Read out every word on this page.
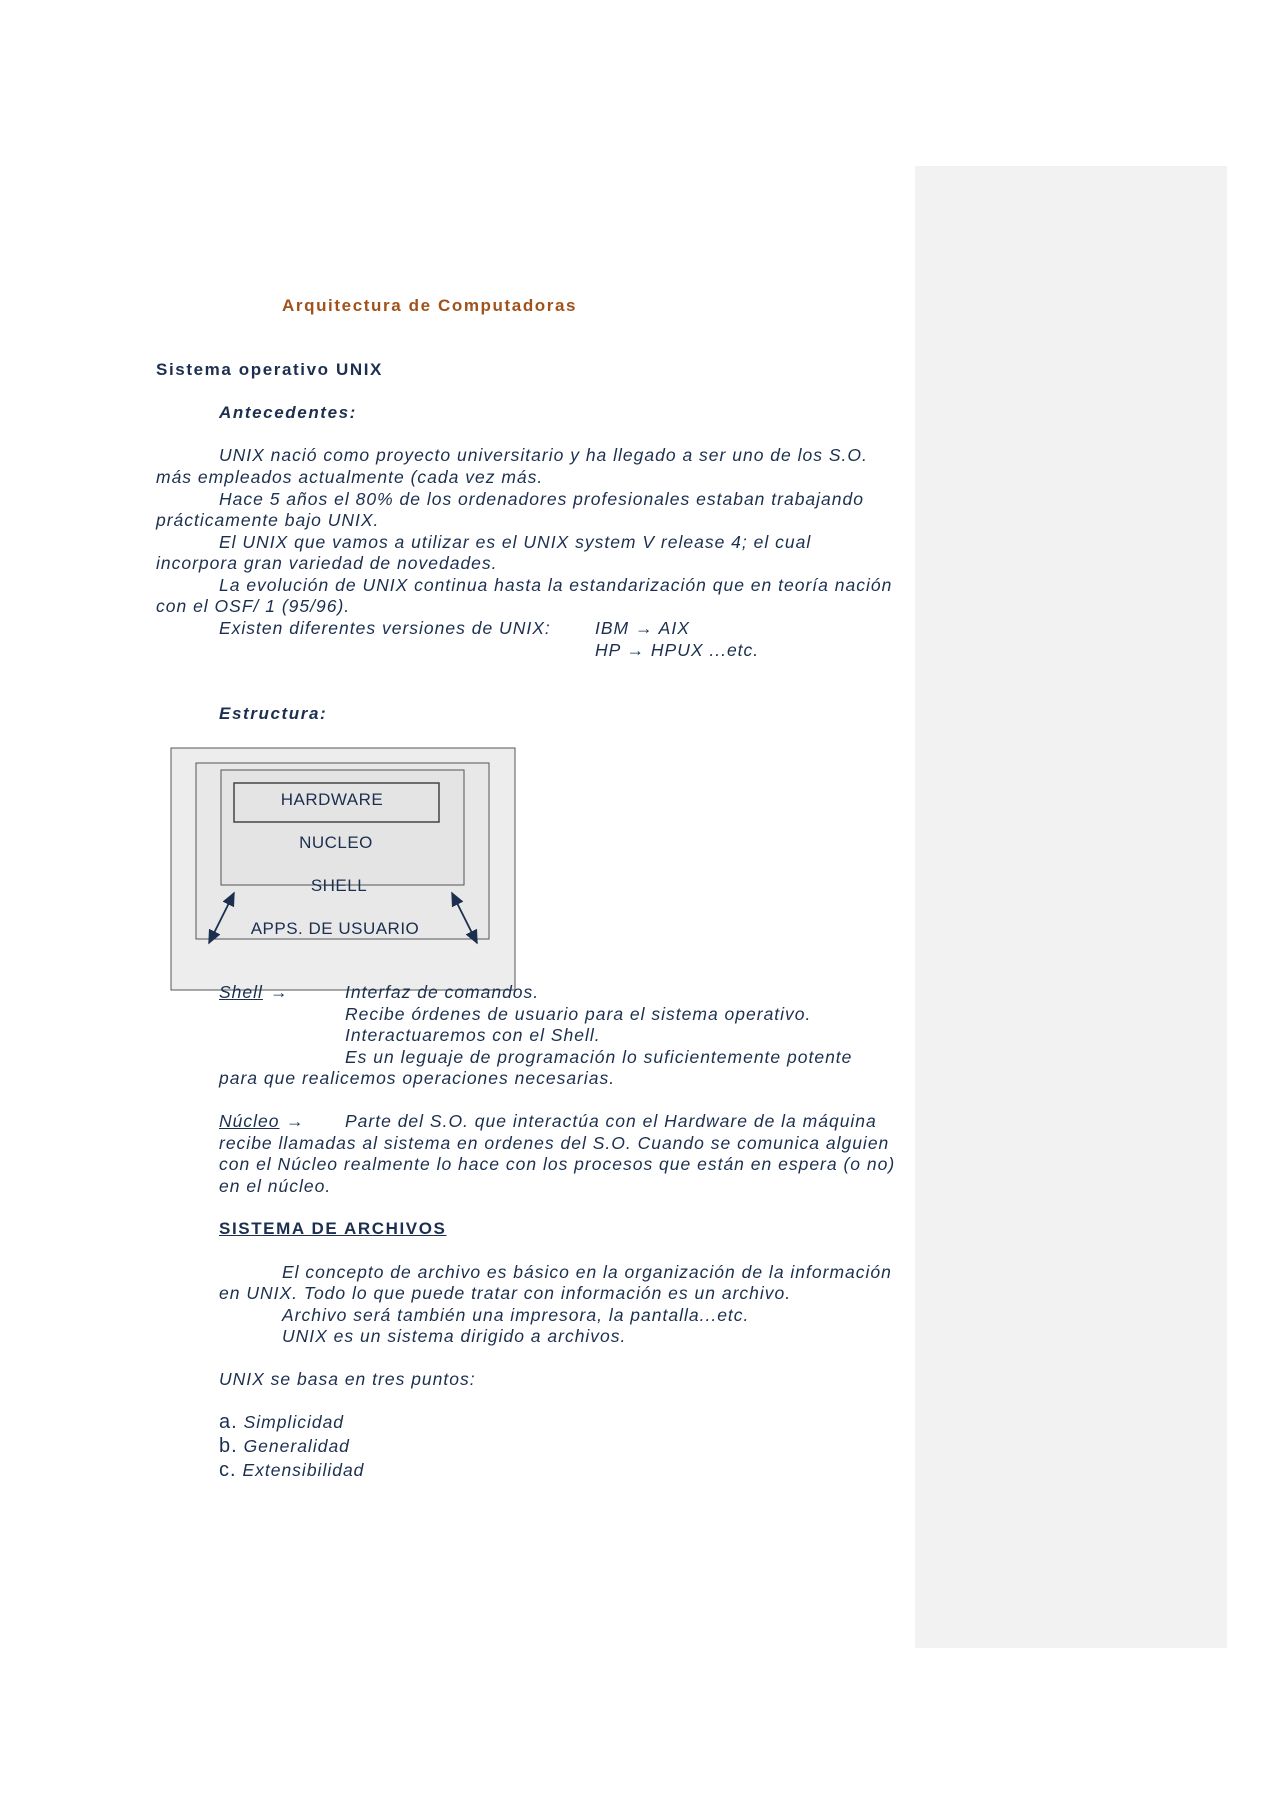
Arquitectura de Computadoras
Sistema operativo UNIX
Antecedentes:
UNIX nació como proyecto universitario y ha llegado a ser uno de los S.O.
más empleados actualmente (cada vez más.
Hace 5 años el 80% de los ordenadores profesionales estaban trabajando
prácticamente bajo UNIX.
El UNIX que vamos a utilizar es el UNIX system V release 4; el cual
incorpora gran variedad de novedades.
La evolución de UNIX continua hasta la estandarización que en teoría nación
con el OSF/ 1 (95/96).
Existen diferentes versiones de UNIX:	IBM → AIX
HP → HPUX ...etc.
Estructura:
HARDWARE
NUCLEO
SHELL
APPS. DE USUARIO
Shell →	Interfaz de comandos.
Recibe órdenes de usuario para el sistema operativo.
Interactuaremos con el Shell.
Es un leguaje de programación lo suficientemente potente
para que realicemos operaciones necesarias.
Núcleo → Parte del S.O. que interactúa con el Hardware de la máquina
recibe llamadas al sistema en ordenes del S.O. Cuando se comunica alguien
con el Núcleo realmente lo hace con los procesos que están en espera (o no)
en el núcleo.
SISTEMA DE ARCHIVOS
El concepto de archivo es básico en la organización de la información
en UNIX. Todo lo que puede tratar con información es un archivo.
Archivo será también una impresora, la pantalla...etc.
UNIX es un sistema dirigido a archivos.
UNIX se basa en tres puntos:
a. Simplicidad
b. Generalidad
c. Extensibilidad
